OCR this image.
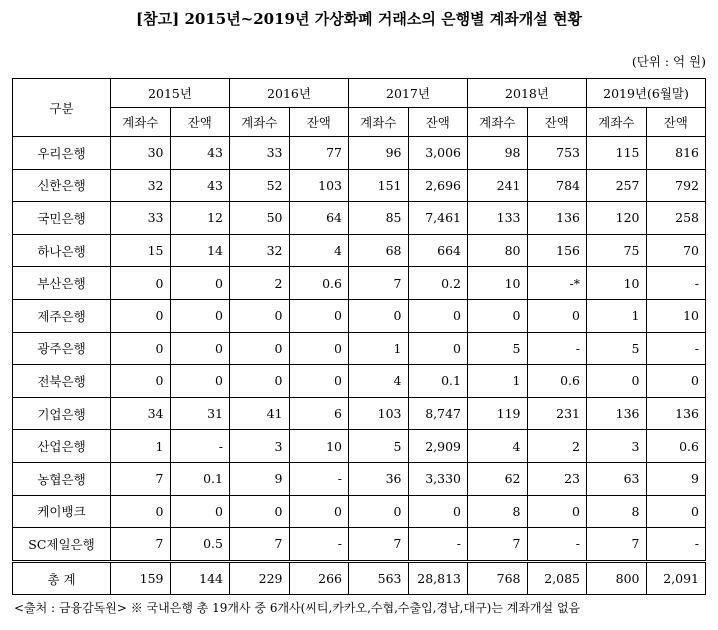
[참고] 2015년~2019년 가상화폐 거래소의 은행별 계좌개설 현황
(단위 : 억 원)
구분	2015년		2016년		2017년		2018년		2019년(6월말)	
	계좌수	잔액	계좌수	잔액	계좌수	잔액	계좌수	잔액	계좌수	잔액
우리은행	30	43	33	77	96	3,006	98	753	115	816
신한은행	32	43	52	103	151	2,696	241	784	257	792
국민은행	33	12	50	64	85	7,461	133	136	120	258
하나은행	15	14	32	4	68	664	80	156	75	70
부산은행	0	0	2	0.6	7	0.2	10	-*	10	-
제주은행	0	0	0	0	0	0	0	0	1	10
광주은행	0	0	0	0	1	0	5	-	5	-
전북은행	0	0	0	0	4	0.1	1	0.6	0	0
기업은행	34	31	41	6	103	8,747	119	231	136	136
산업은행	1	-	3	10	5	2,909	4	2	3	0.6
농협은행	7	0.1	9	-	36	3,330	62	23	63	9
케이뱅크	0	0	0	0	0	0	8	0	8	0
SC제일은행	7	0.5	7	-	7	-	7	-	7	-
총 계	159	144	229	266	563	28,813	768	2,085	800	2,091
<출처 : 금융감독원> ※ 국내은행 총 19개사 중 6개사(씨티,카카오,수협,수출입,경남,대구)는 계좌개설 없음
